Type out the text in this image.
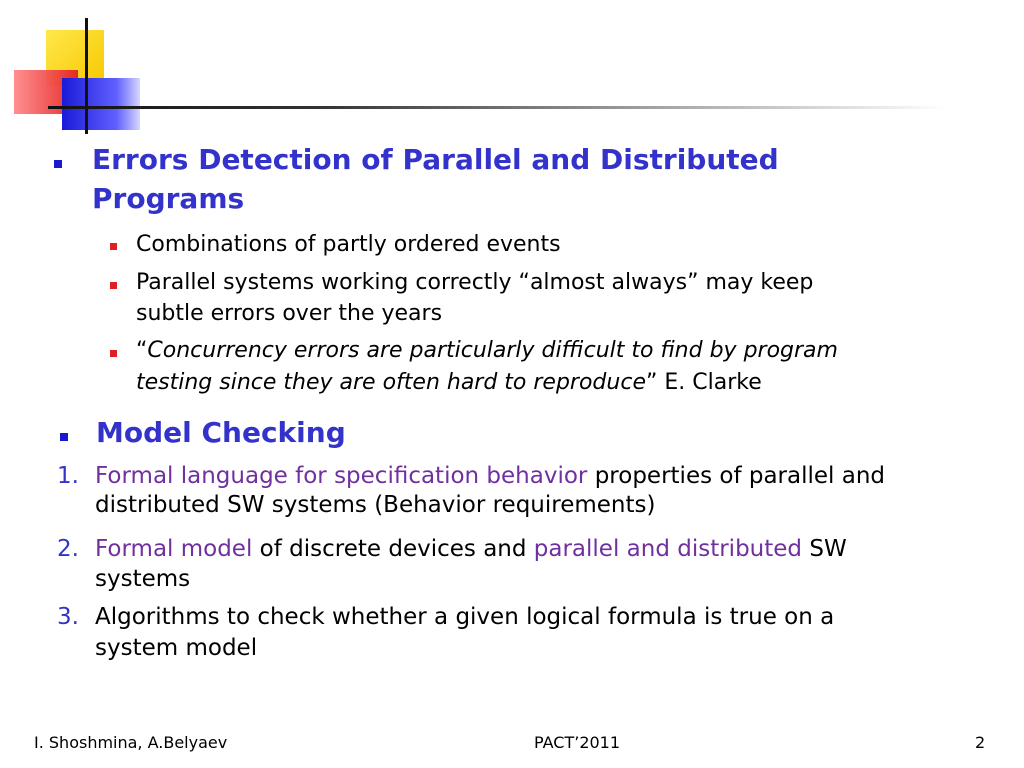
Errors Detection of Parallel and Distributed
Programs
Combinations of partly ordered events
Parallel systems working correctly “almost always” may keep
subtle errors over the years
“Concurrency errors are particularly difficult to find by program
testing since they are often hard to reproduce” E. Clarke
Model Checking
1. Formal language for specification behavior properties of parallel and
distributed SW systems (Behavior requirements)
2. Formal model of discrete devices and parallel and distributed SW
systems
3. Algorithms to check whether a given logical formula is true on a
system model
I. Shoshmina, A.Belyaev	PACT’2011	2
